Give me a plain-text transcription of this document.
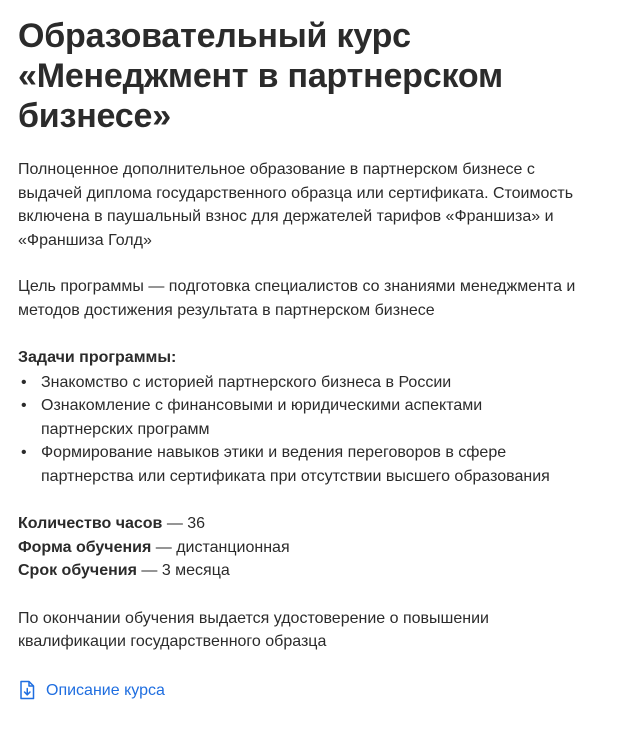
Образовательный курс
«Менеджмент в партнерском
бизнесе»

Полноценное дополнительное образование в партнерском бизнесе с
выдачей диплома государственного образца или сертификата. Стоимость
включена в паушальный взнос для держателей тарифов «Франшиза» и
«Франшиза Голд»

Цель программы — подготовка специалистов со знаниями менеджмента и
методов достижения результата в партнерском бизнесе

Задачи программы:
• Знакомство с историей партнерского бизнеса в России
• Ознакомление с финансовыми и юридическими аспектами
партнерских программ
• Формирование навыков этики и ведения переговоров в сфере
партнерства или сертификата при отсутствии высшего образования
Количество часов — 36
Форма обучения — дистанционная
Срок обучения — 3 месяца

По окончании обучения выдается удостоверение о повышении
квалификации государственного образца

Описание курса
